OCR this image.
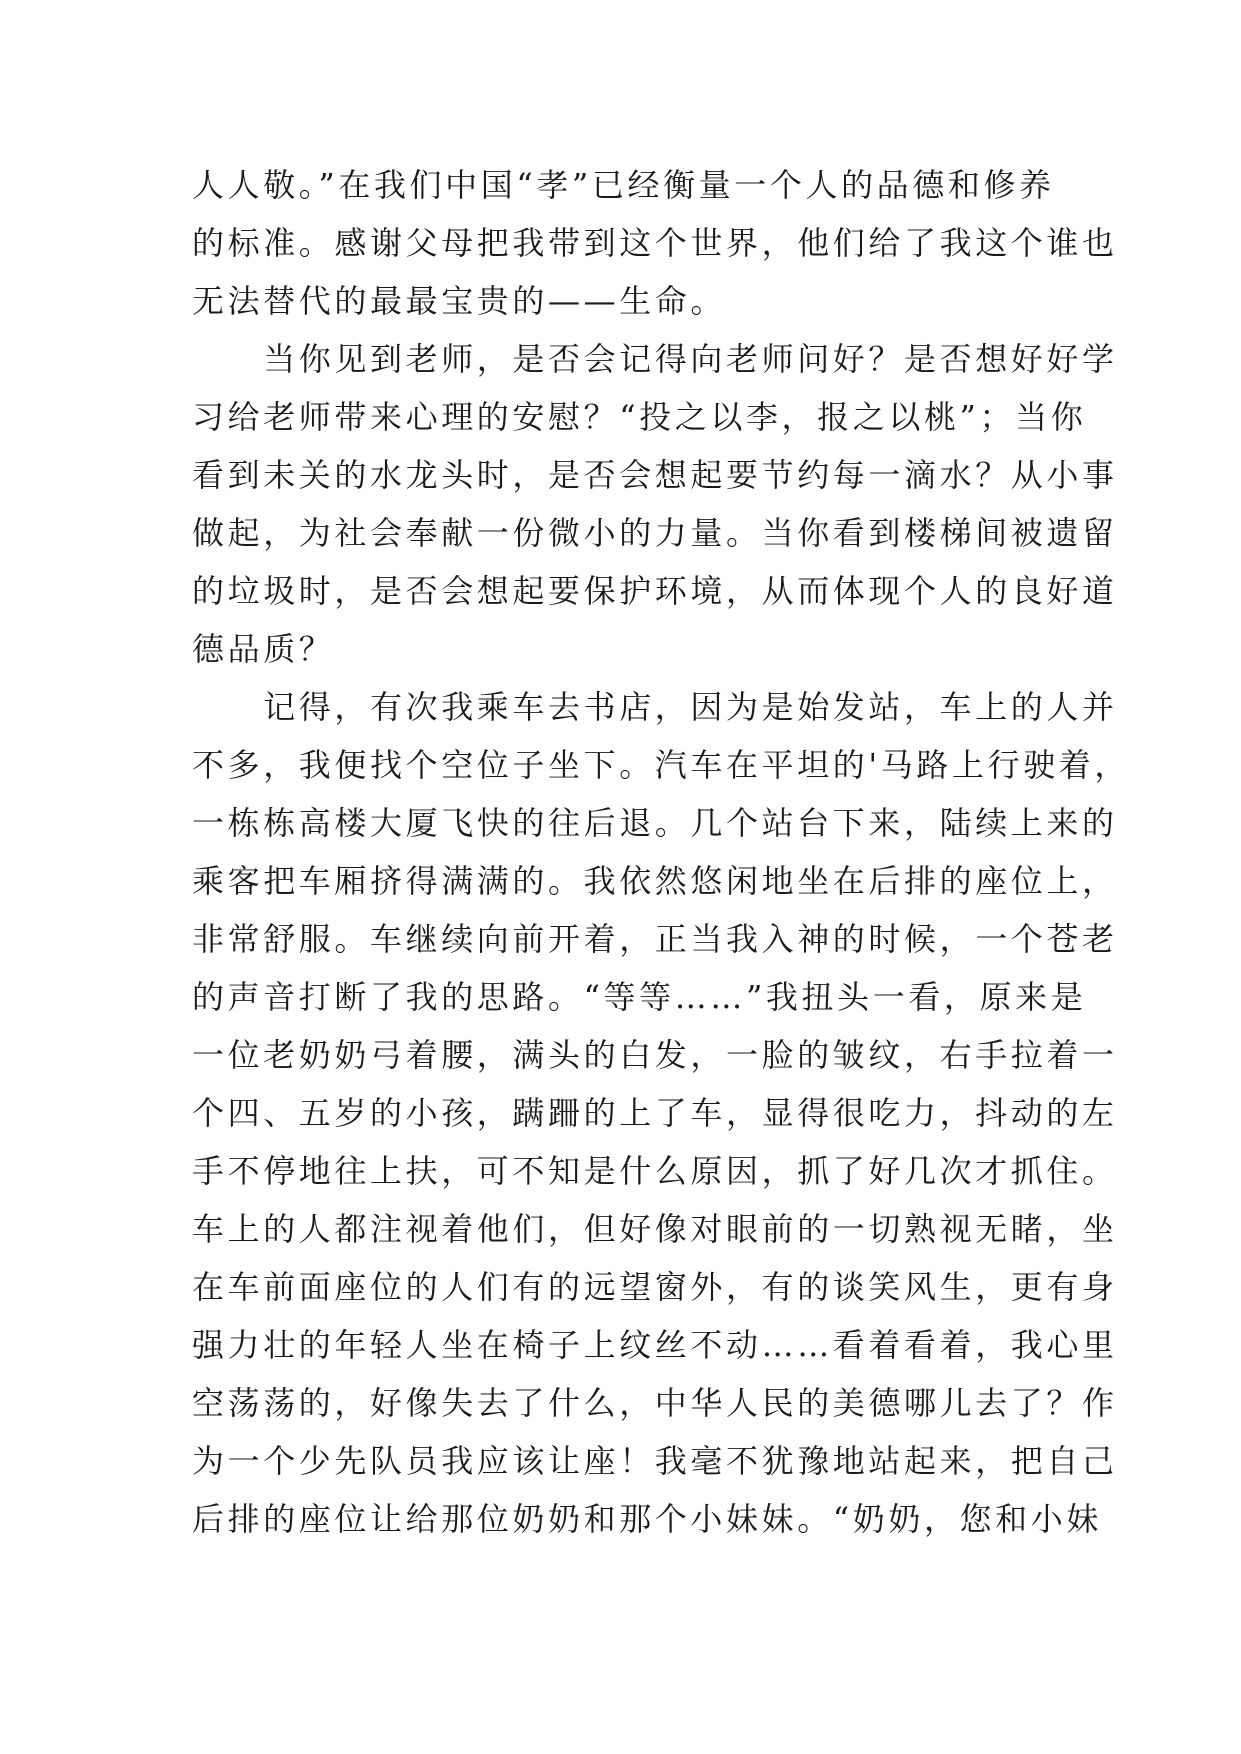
人人敬。”在我们中国“孝”已经衡量一个人的品德和修养
的标准。感谢父母把我带到这个世界，他们给了我这个谁也
无法替代的最最宝贵的——生命。
　　当你见到老师，是否会记得向老师问好？是否想好好学
习给老师带来心理的安慰？“投之以李，报之以桃”；当你
看到未关的水龙头时，是否会想起要节约每一滴水？从小事
做起，为社会奉献一份微小的力量。当你看到楼梯间被遗留
的垃圾时，是否会想起要保护环境，从而体现个人的良好道
德品质？
　　记得，有次我乘车去书店，因为是始发站，车上的人并
不多，我便找个空位子坐下。汽车在平坦的'马路上行驶着，
一栋栋高楼大厦飞快的往后退。几个站台下来，陆续上来的
乘客把车厢挤得满满的。我依然悠闲地坐在后排的座位上，
非常舒服。车继续向前开着，正当我入神的时候，一个苍老
的声音打断了我的思路。“等等……”我扭头一看，原来是
一位老奶奶弓着腰，满头的白发，一脸的皱纹，右手拉着一
个四、五岁的小孩，蹒跚的上了车，显得很吃力，抖动的左
手不停地往上扶，可不知是什么原因，抓了好几次才抓住。
车上的人都注视着他们，但好像对眼前的一切熟视无睹，坐
在车前面座位的人们有的远望窗外，有的谈笑风生，更有身
强力壮的年轻人坐在椅子上纹丝不动……看着看着，我心里
空荡荡的，好像失去了什么，中华人民的美德哪儿去了？作
为一个少先队员我应该让座！我毫不犹豫地站起来，把自己
后排的座位让给那位奶奶和那个小妹妹。“奶奶，您和小妹
